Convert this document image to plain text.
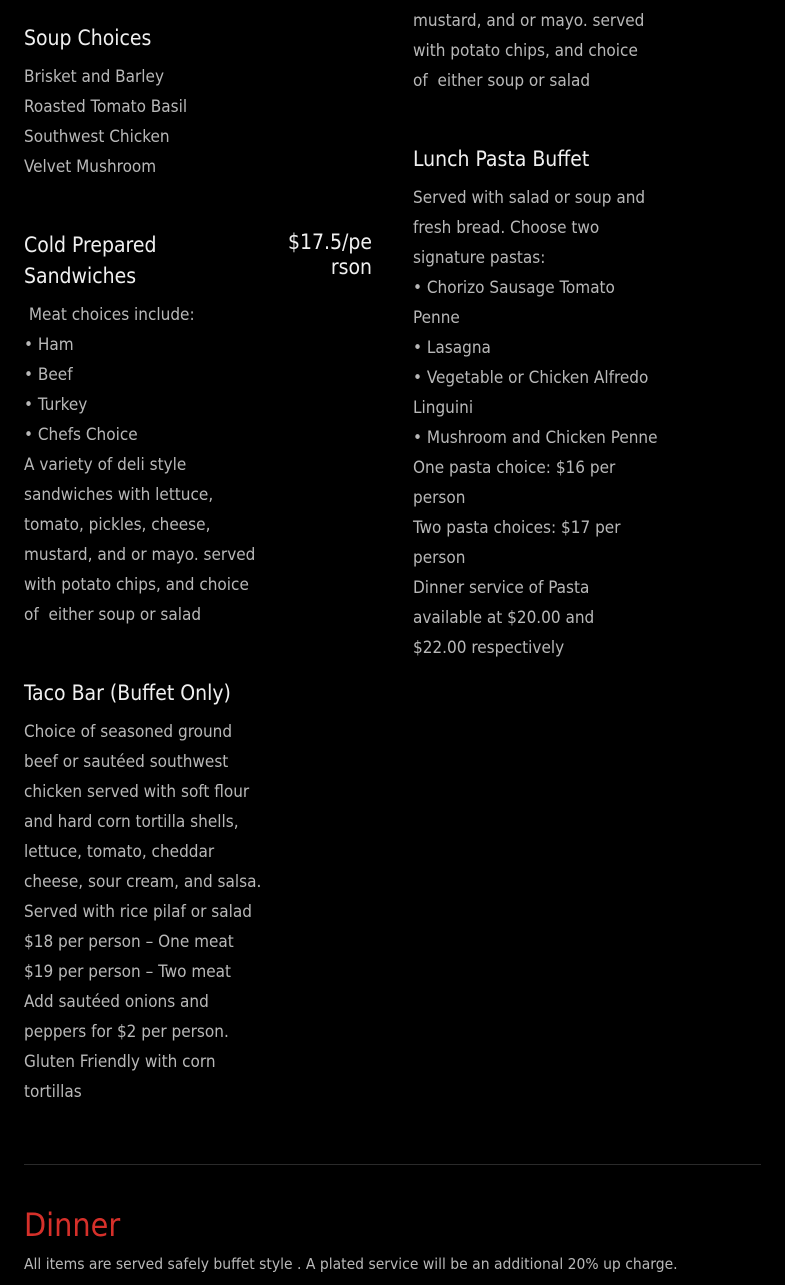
Soup Choices
Brisket and Barley
Roasted Tomato Basil
Southwest Chicken
Velvet Mushroom
Cold Prepared
Sandwiches
$17.5/pe
rson
Meat choices include:
• Ham
• Beef
• Turkey
• Chefs Choice
A variety of deli style
sandwiches with lettuce,
tomato, pickles, cheese,
mustard, and or mayo. served
with potato chips, and choice
of  either soup or salad
Taco Bar (Buffet Only)
Choice of seasoned ground
beef or sautéed southwest
chicken served with soft flour
and hard corn tortilla shells,
lettuce, tomato, cheddar
cheese, sour cream, and salsa.
Served with rice pilaf or salad
$18 per person – One meat
$19 per person – Two meat
Add sautéed onions and
peppers for $2 per person.
Gluten Friendly with corn
tortillas
mustard, and or mayo. served
with potato chips, and choice
of  either soup or salad
Lunch Pasta Buffet
Served with salad or soup and
fresh bread. Choose two
signature pastas:
• Chorizo Sausage Tomato
Penne
• Lasagna
• Vegetable or Chicken Alfredo
Linguini
• Mushroom and Chicken Penne
One pasta choice: $16 per
person
Two pasta choices: $17 per
person
Dinner service of Pasta
available at $20.00 and
$22.00 respectively
Dinner
All items are served safely buffet style . A plated service will be an additional 20% up charge.
